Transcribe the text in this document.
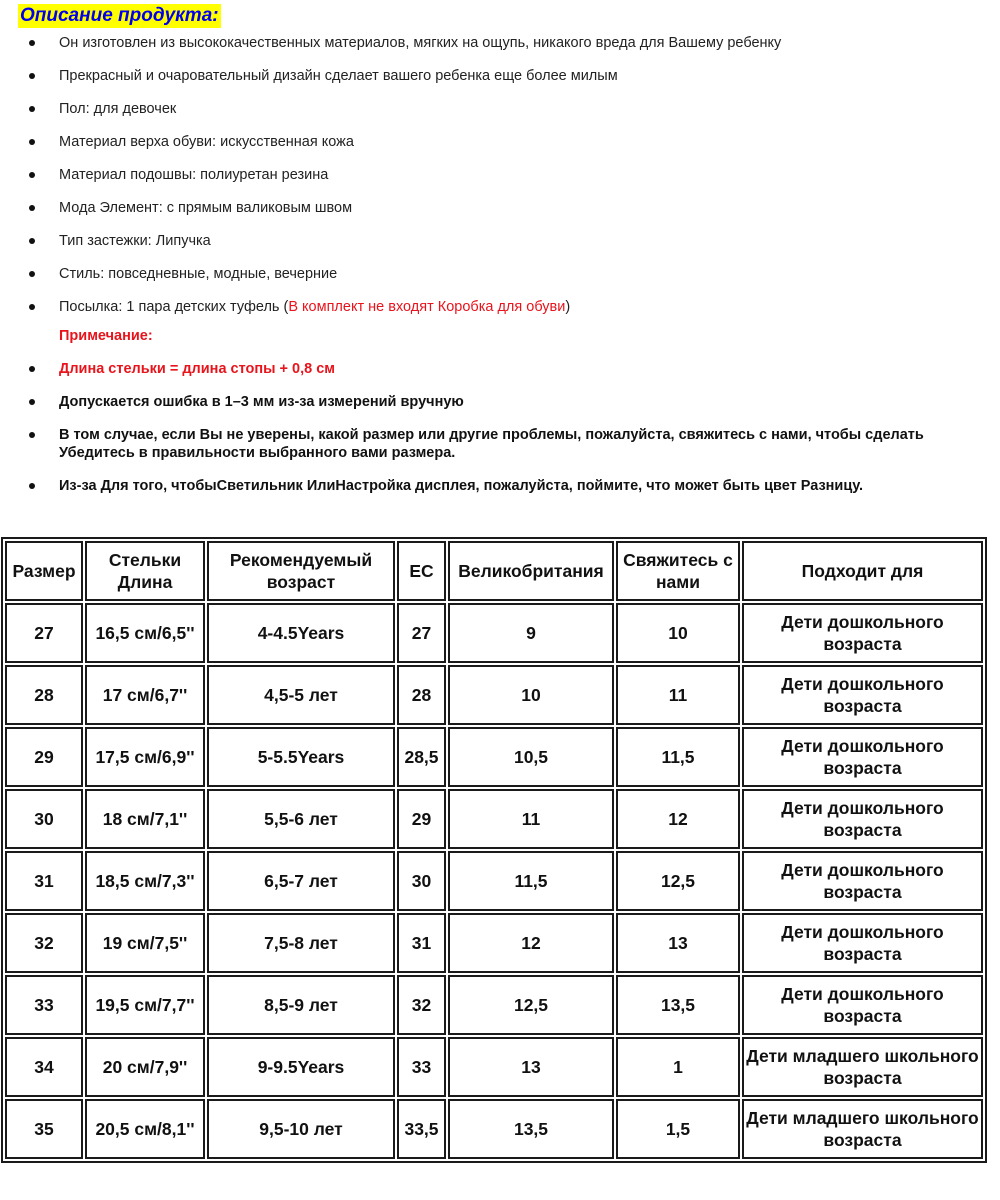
Описание продукта:
Он изготовлен из высококачественных материалов, мягких на ощупь, никакого вреда для Вашему ребенку
Прекрасный и очаровательный дизайн сделает вашего ребенка еще более милым
Пол: для девочек
Материал верха обуви: искусственная кожа
Материал подошвы: полиуретан резина
Мода Элемент: с прямым валиковым швом
Тип застежки: Липучка
Стиль: повседневные, модные, вечерние
Посылка: 1 пара детских туфель (В комплект не входят Коробка для обуви)
Примечание:
Длина стельки = длина стопы + 0,8 см
Допускается ошибка в 1–3 мм из-за измерений вручную
В том случае, если Вы не уверены, какой размер или другие проблемы, пожалуйста, свяжитесь с нами, чтобы сделать Убедитесь в правильности выбранного вами размера.
Из-за Для того, чтобыСветильник ИлиНастройка дисплея, пожалуйста, поймите, что может быть цвет Разницу.
Размер	Стельки Длина	Рекомендуемый возраст	EC	Великобритания	Свяжитесь с нами	Подходит для
27	16,5 см/6,5''	4-4.5Years	27	9	10	Дети дошкольного возраста
28	17 см/6,7''	4,5-5 лет	28	10	11	Дети дошкольного возраста
29	17,5 см/6,9''	5-5.5Years	28,5	10,5	11,5	Дети дошкольного возраста
30	18 см/7,1''	5,5-6 лет	29	11	12	Дети дошкольного возраста
31	18,5 см/7,3''	6,5-7 лет	30	11,5	12,5	Дети дошкольного возраста
32	19 см/7,5''	7,5-8 лет	31	12	13	Дети дошкольного возраста
33	19,5 см/7,7''	8,5-9 лет	32	12,5	13,5	Дети дошкольного возраста
34	20 см/7,9''	9-9.5Years	33	13	1	Дети младшего школьного возраста
35	20,5 см/8,1''	9,5-10 лет	33,5	13,5	1,5	Дети младшего школьного возраста
